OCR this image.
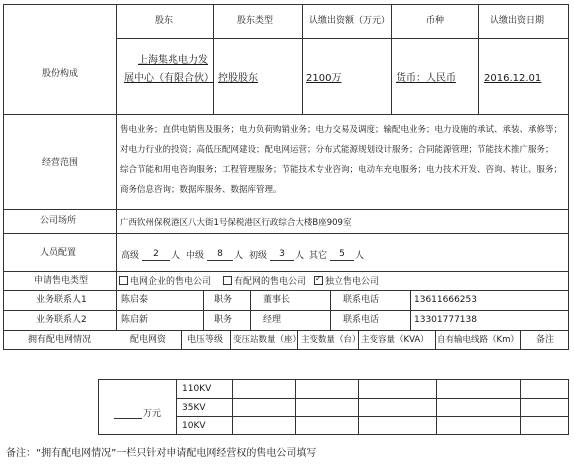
股份构成
股东	股东类型	认缴出资额（万元）	币种	认缴出资日期
上海集兆电力发
展中心（有限合伙） 控股股东	2100万	货币：人民币	2016.12.01
经营范围
售电业务；直供电销售及服务；电力负荷购销业务；电力交易及调度；输配电业务；电力设施的承试、承装、承修等；
对电力行业的投资；高低压配网建设；配电网运营；分布式能源规划设计服务；合同能源管理；节能技术推广服务；
综合节能和用电咨询服务；工程管理服务；节能技术专业咨询；电动车充电服务；电力技术开发、咨询、转让、服务；
商务信息咨询；数据库服务、数据库管理。
公司场所	广西钦州保税港区八大街1号保税港区行政综合大楼B座909室
人员配置	高级	2	人 中级	8	人 初级	3	人 其它	5	人
申请售电类型	电网企业的售电公司	有配网的售电公司
✓	独立售电公司
业务联系人1	陈启泰	职务	董事长	联系电话	13611666253
业务联系人2	陈启新	职务	经理	联系电话	13301777138
拥有配电网情况	配电网资 电压等级 变压站数量（座） 主变数量（台） 主变容量（KVA） 自有输电线路（Km） 备注
110KV
35KV
10KV
万元
备注：“拥有配电网情况”一栏只针对申请配电网经营权的售电公司填写
